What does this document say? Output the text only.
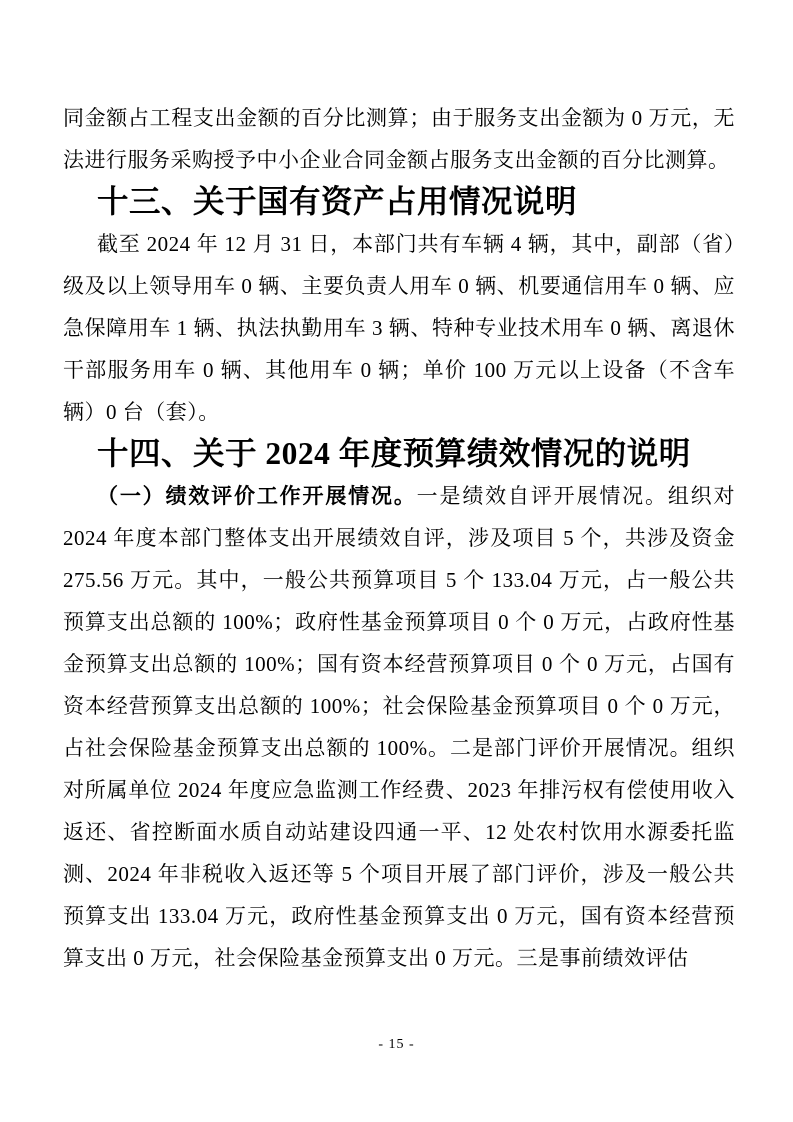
同金额占工程支出金额的百分比测算；由于服务支出金额为 0 万元，无法进行服务采购授予中小企业合同金额占服务支出金额的百分比测算。

十三、关于国有资产占用情况说明

截至 2024 年 12 月 31 日，本部门共有车辆 4 辆，其中，副部（省）级及以上领导用车 0 辆、主要负责人用车 0 辆、机要通信用车 0 辆、应急保障用车 1 辆、执法执勤用车 3 辆、特种专业技术用车 0 辆、离退休干部服务用车 0 辆、其他用车 0 辆；单价 100 万元以上设备（不含车辆）0 台（套）。

十四、关于 2024 年度预算绩效情况的说明

（一）绩效评价工作开展情况。一是绩效自评开展情况。组织对 2024 年度本部门整体支出开展绩效自评，涉及项目 5 个，共涉及资金 275.56 万元。其中，一般公共预算项目 5 个 133.04 万元，占一般公共预算支出总额的 100%；政府性基金预算项目 0 个 0 万元，占政府性基金预算支出总额的 100%；国有资本经营预算项目 0 个 0 万元，占国有资本经营预算支出总额的 100%；社会保险基金预算项目 0 个 0 万元，占社会保险基金预算支出总额的 100%。二是部门评价开展情况。组织对所属单位 2024 年度应急监测工作经费、2023 年排污权有偿使用收入返还、省控断面水质自动站建设四通一平、12 处农村饮用水源委托监测、2024 年非税收入返还等 5 个项目开展了部门评价，涉及一般公共预算支出 133.04 万元，政府性基金预算支出 0 万元，国有资本经营预算支出 0 万元，社会保险基金预算支出 0 万元。三是事前绩效评估

- 15 -
